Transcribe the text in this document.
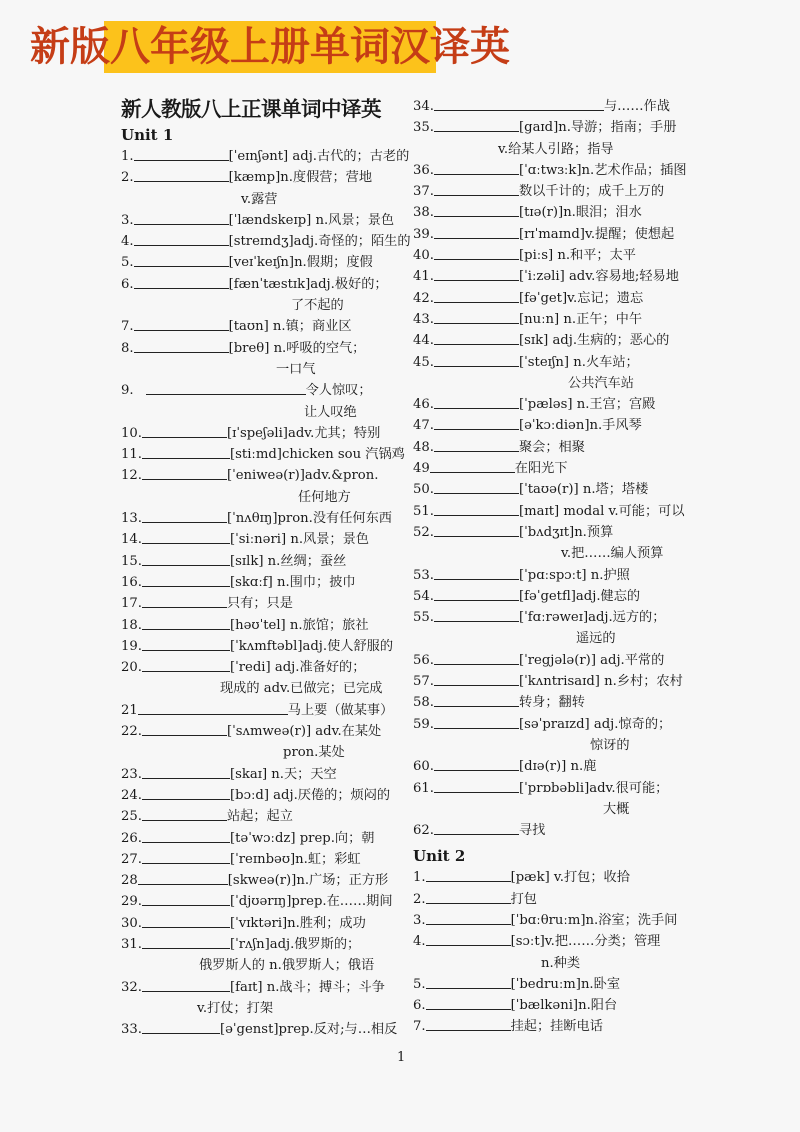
新版八年级上册单词汉译英
新人教版八上正课单词中译英
Unit 1
1.	[ˈeɪnʃənt] adj.古代的；古老的
2.	[kæmp]n.度假营；营地
v.露营
3.	[ˈlændskeɪp] n.风景；景色
4.	[streɪndʒ]adj.奇怪的；陌生的
5.	[veɪˈkeɪʃn]n.假期；度假
6.	[fænˈtæstɪk]adj.极好的；
了不起的
7.	[taʊn] n.镇；商业区
8.	[breθ] n.呼吸的空气；
一口气
9.	令人惊叹；
让人叹绝
10.	[ɪˈspeʃəli]adv.尤其；特别
11.	[stiːmd]chicken sou 汽锅鸡
12.	[ˈeniweə(r)]adv.&pron.
任何地方
13.	[ˈnʌθɪŋ]pron.没有任何东西
14.	[ˈsiːnəri] n.风景；景色
15.	[sɪlk] n.丝绸；蚕丝
16.	[skɑːf] n.围巾；披巾
17.	只有；只是
18.	[həʊˈtel] n.旅馆；旅社
19.	[ˈkʌmftəbl]adj.使人舒服的
20.	[ˈredi] adj.准备好的；
现成的 adv.已做完；已完成
21	马上要（做某事）
22.	[ˈsʌmweə(r)] adv.在某处
pron.某处
23.	[skaɪ] n.天；天空
24.	[bɔːd] adj.厌倦的；烦闷的
25.	站起；起立
26.	[təˈwɔːdz] prep.向；朝
27.	[ˈreɪnbəʊ]n.虹；彩虹
28	[skweə(r)]n.广场；正方形
29.	[ˈdjʊərɪŋ]prep.在……期间
30.	[ˈvɪktəri]n.胜利；成功
31.	[ˈrʌʃn]adj.俄罗斯的；
俄罗斯人的 n.俄罗斯人；俄语
32.	[faɪt] n.战斗；搏斗；斗争
v.打仗；打架
33.	[əˈgenst]prep.反对;与…相反
34.	与……作战
35.	[gaɪd]n.导游；指南；手册
v.给某人引路；指导
36.	[ˈɑːtwɜːk]n.艺术作品；插图
37.	数以千计的；成千上万的
38.	[tɪə(r)]n.眼泪；泪水
39.	[rɪˈmaɪnd]v.提醒；使想起
40.	[piːs] n.和平；太平
41.	[ˈiːzəli] adv.容易地;轻易地
42.	[fəˈget]v.忘记；遗忘
43.	[nuːn] n.正午；中午
44.	[sɪk] adj.生病的；恶心的
45.	[ˈsteɪʃn] n.火车站；
公共汽车站
46.	[ˈpæləs] n.王宫；宫殿
47.	[əˈkɔːdiən]n.手风琴
48.	聚会；相聚
49	在阳光下
50.	[ˈtaʊə(r)] n.塔；塔楼
51.	[maɪt] modal v.可能；可以
52.	[ˈbʌdʒɪt]n.预算
v.把……编人预算
53.	[ˈpɑːspɔːt] n.护照
54.	[fəˈgetfl]adj.健忘的
55.	[ˈfɑːrəweɪ]adj.远方的；
遥远的
56.	[ˈregjələ(r)] adj.平常的
57.	[ˈkʌntrisaɪd] n.乡村；农村
58.	转身；翻转
59.	[səˈpraɪzd] adj.惊奇的；
惊讶的
60.	[dɪə(r)] n.鹿
61.	[ˈprɒbəbli]adv.很可能；
大概
62.	寻找
Unit 2
1.	[pæk] v.打包；收拾
2.	打包
3.	[ˈbɑːθruːm]n.浴室；洗手间
4.	[sɔːt]v.把……分类；管理
n.种类
5.	[ˈbedruːm]n.卧室
6.	[ˈbælkəni]n.阳台
7.	挂起；挂断电话
1
